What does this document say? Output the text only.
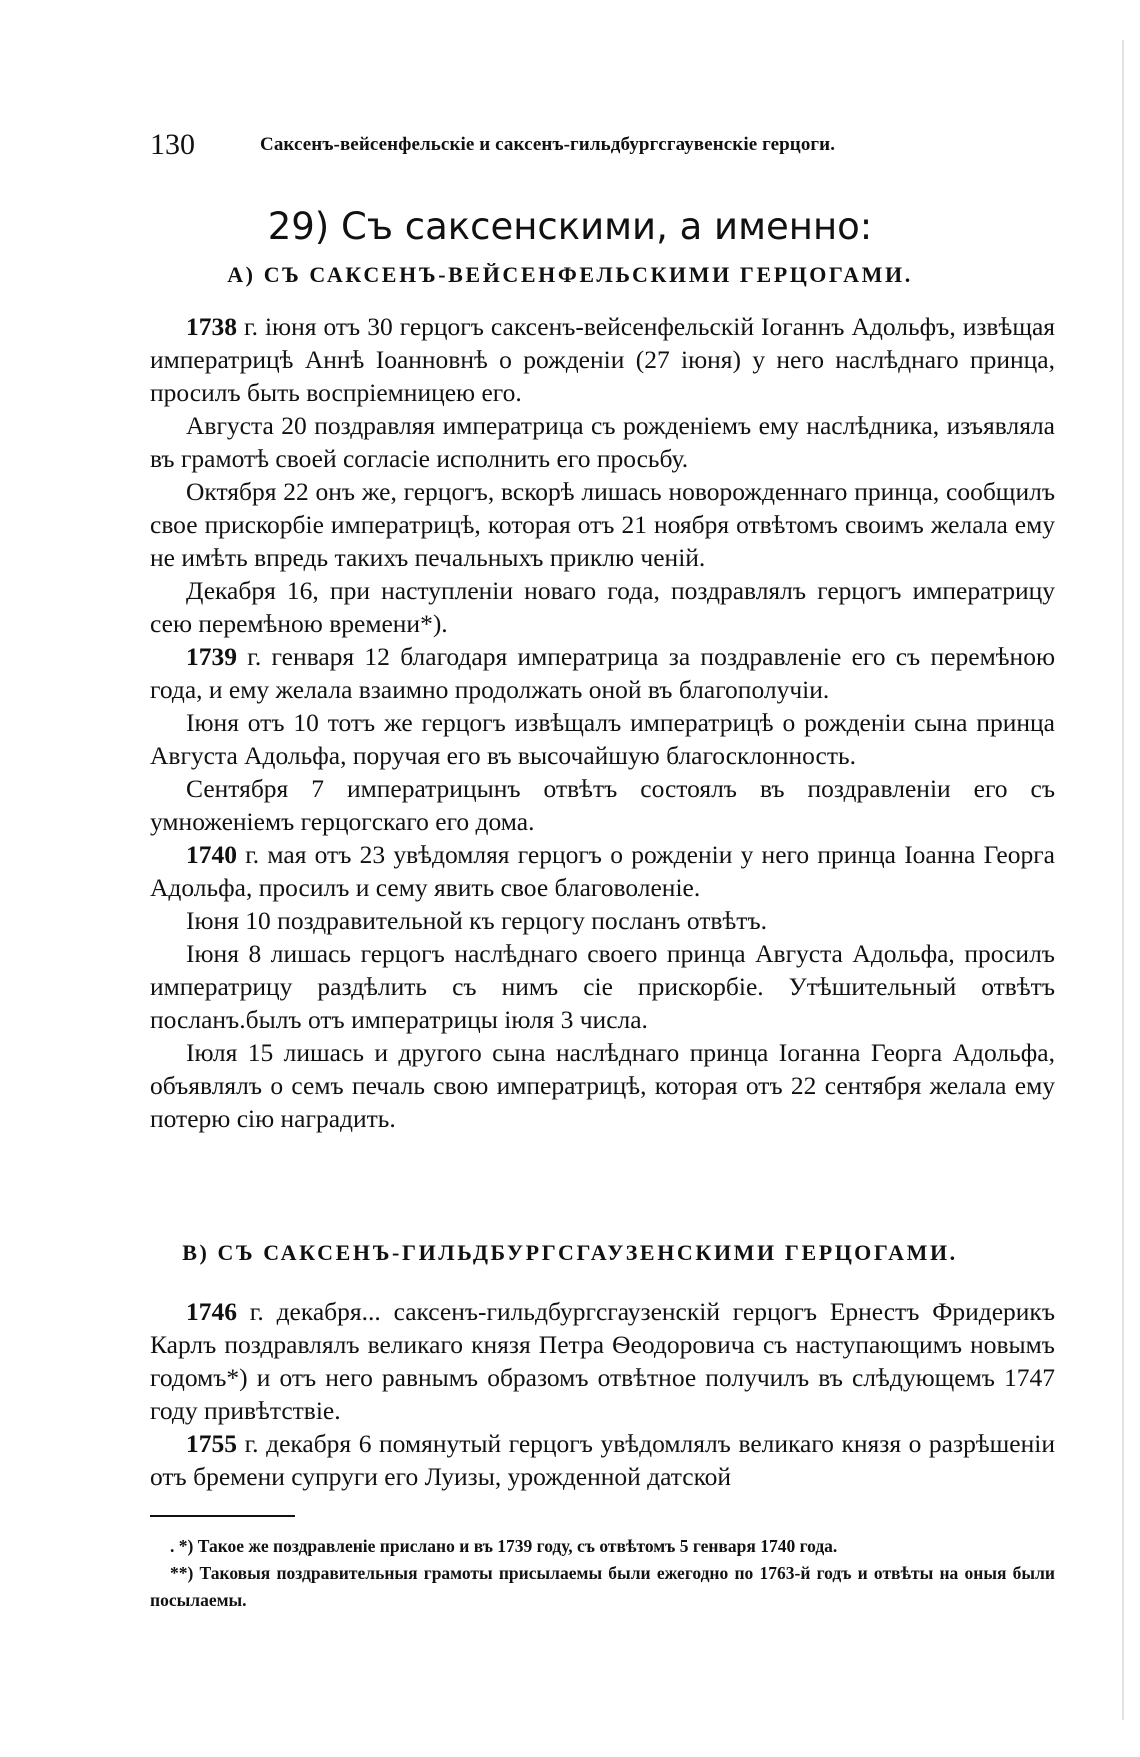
130	Саксенъ-вейсенфельскіе и саксенъ-гильдбургсгаувенскіе герцоги.
29) Съ саксенскими, а именно:
А) СЪ САКСЕНЪ-ВЕЙСЕНФЕЛЬСКИМИ ГЕРЦОГАМИ.

1738 г. іюня отъ 30 герцогъ саксенъ-вейсенфельскій Іоганнъ Адольфъ, извѣщая императрицѣ Аннѣ Іоанновнѣ о рожденіи (27 іюня) у него наслѣднаго принца, просилъ быть воспріемницею его.

Августа 20 поздравляя императрица съ рожденіемъ ему наслѣдника, изъявляла въ грамотѣ своей согласіе исполнить его просьбу.

Октября 22 онъ же, герцогъ, вскорѣ лишась новорожденнаго принца, сообщилъ свое прискорбіе императрицѣ, которая отъ 21 ноября отвѣтомъ своимъ желала ему не имѣть впредь такихъ печальныхъ приклю ченій.

Декабря 16, при наступленіи новаго года, поздравлялъ герцогъ императрицу сею перемѣною времени*).

1739 г. генваря 12 благодаря императрица за поздравленіе его съ перемѣною года, и ему желала взаимно продолжать оной въ благополучіи.

Іюня отъ 10 тотъ же герцогъ извѣщалъ императрицѣ о рожденіи сына принца Августа Адольфа, поручая его въ высочайшую благосклонность.

Сентября 7 императрицынъ отвѣтъ состоялъ въ поздравленіи его съ умноженіемъ герцогскаго его дома.

1740 г. мая отъ 23 увѣдомляя герцогъ о рожденіи у него принца Іоанна Георга Адольфа, просилъ и сему явить свое благоволеніе.

Іюня 10 поздравительной къ герцогу посланъ отвѣтъ.

Іюня 8 лишась герцогъ наслѣднаго своего принца Августа Адольфа, просилъ императрицу раздѣлить съ нимъ сіе прискорбіе. Утѣшительный отвѣтъ посланъ.былъ отъ императрицы іюля 3 числа.

Іюля 15 лишась и другого сына наслѣднаго принца Іоганна Георга Адольфа, объявлялъ о семъ печаль свою императрицѣ, которая отъ 22 сентября желала ему потерю сію наградить.

В) СЪ САКСЕНЪ-ГИЛЬДБУРГСГАУЗЕНСКИМИ ГЕРЦОГАМИ.

1746 г. декабря... саксенъ-гильдбургсгаузенскій герцогъ Ернестъ Фридерикъ Карлъ поздравлялъ великаго князя Петра Ѳеодоровича съ наступающимъ новымъ годомъ*) и отъ него равнымъ образомъ отвѣтное получилъ въ слѣдующемъ 1747 году привѣтствіе.

1755 г. декабря 6 помянутый герцогъ увѣдомлялъ великаго князя о разрѣшеніи отъ бремени супруги его Луизы, урожденной датской

. *) Такое же поздравленіе прислано и въ 1739 году, съ отвѣтомъ 5 генваря 1740 года.

**) Таковыя поздравительныя грамоты присылаемы были ежегодно по 1763-й годъ и отвѣты на оныя были посылаемы.
